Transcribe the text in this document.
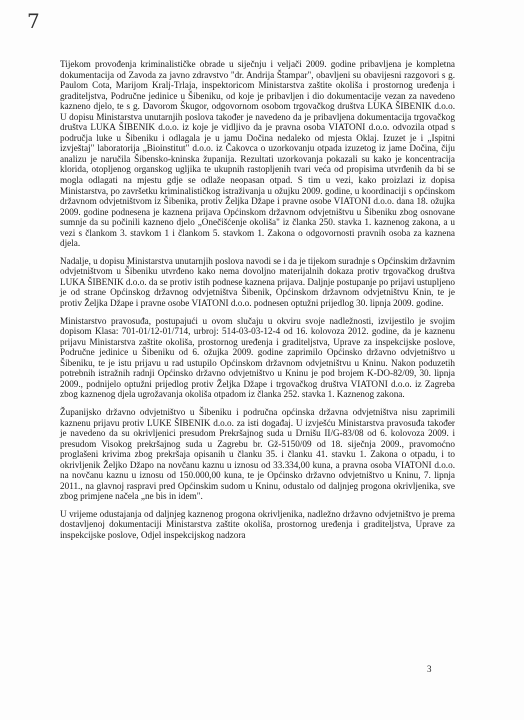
7

Tijekom provođenja kriminalističke obrade u siječnju i veljači 2009. godine pribavljena je kompletna dokumentacija od Zavoda za javno zdravstvo "dr. Andrija Štampar", obavljeni su obavijesni razgovori s g. Paulom Cota, Marijom Kralj-Trlaja, inspektoricom Ministarstva zaštite okoliša i prostornog uređenja i graditeljstva, Područne jedinice u Šibeniku, od koje je pribavljen i dio dokumentacije vezan za navedeno kazneno djelo, te s g. Davorom Škugor, odgovornom osobom trgovačkog društva LUKA ŠIBENIK d.o.o. U dopisu Ministarstva unutarnjih poslova također je navedeno da je pribavljena dokumentacija trgovačkog društva LUKA ŠIBENIK d.o.o. iz koje je vidljivo da je pravna osoba VIATONI d.o.o. odvozila otpad s područja luke u Šibeniku i odlagala je u jamu Dočina nedaleko od mjesta Oklaj. Izuzet je i „Ispitni izvještaj" laboratorija „Bioinstitut" d.o.o. iz Čakovca o uzorkovanju otpada izuzetog iz jame Dočina, čiju analizu je naručila Šibensko-kninska županija. Rezultati uzorkovanja pokazali su kako je koncentracija klorida, otopljenog organskog ugljika te ukupnih rastopljenih tvari veća od propisima utvrđenih da bi se mogla odlagati na mjestu gdje se odlaže neopasan otpad. S tim u vezi, kako proizlazi iz dopisa Ministarstva, po završetku kriminalističkog istraživanja u ožujku 2009. godine, u koordinaciji s općinskom državnom odvjetništvom iz Šibenika, protiv Željka Džape i pravne osobe VIATONI d.o.o. dana 18. ožujka 2009. godine podnesena je kaznena prijava Općinskom državnom odvjetništvu u Šibeniku zbog osnovane sumnje da su počinili kazneno djelo „Onečišćenje okoliša" iz članka 250. stavka 1. kaznenog zakona, a u vezi s člankom 3. stavkom 1 i člankom 5. stavkom 1. Zakona o odgovornosti pravnih osoba za kaznena djela.

Nadalje, u dopisu Ministarstva unutarnjih poslova navodi se i da je tijekom suradnje s Općinskim državnim odvjetništvom u Šibeniku utvrđeno kako nema dovoljno materijalnih dokaza protiv trgovačkog društva LUKA ŠIBENIK d.o.o. da se protiv istih podnese kaznena prijava. Daljnje postupanje po prijavi ustupljeno je od strane Općinskog državnog odvjetništva Šibenik, Općinskom državnom odvjetništvu Knin, te je protiv Željka Džape i pravne osobe VIATONI d.o.o. podnesen optužni prijedlog 30. lipnja 2009. godine.

Ministarstvo pravosuđa, postupajući u ovom slučaju u okviru svoje nadležnosti, izvijestilo je svojim dopisom Klasa: 701-01/12-01/714, urbroj: 514-03-03-12-4 od 16. kolovoza 2012. godine, da je kaznenu prijavu Ministarstva zaštite okoliša, prostornog uređenja i graditeljstva, Uprave za inspekcijske poslove, Područne jedinice u Šibeniku od 6. ožujka 2009. godine zaprimilo Općinsko državno odvjetništvo u Šibeniku, te je istu prijavu u rad ustupilo Općinskom državnom odvjetništvu u Kninu. Nakon poduzetih potrebnih istražnih radnji Općinsko državno odvjetništvo u Kninu je pod brojem K-DO-82/09, 30. lipnja 2009., podnijelo optužni prijedlog protiv Željka Džape i trgovačkog društva VIATONI d.o.o. iz Zagreba zbog kaznenog djela ugrožavanja okoliša otpadom iz članka 252. stavka 1. Kaznenog zakona.

Županijsko državno odvjetništvo u Šibeniku i područna općinska državna odvjetništva nisu zaprimili kaznenu prijavu protiv LUKE ŠIBENIK d.o.o. za isti događaj. U izvješću Ministarstva pravosuđa također je navedeno da su okrivljenici presudom Prekršajnog suda u Drnišu II/G-83/08 od 6. kolovoza 2009. i presudom Visokog prekršajnog suda u Zagrebu br. Gž-5150/09 od 18. siječnja 2009., pravomoćno proglašeni krivima zbog prekršaja opisanih u članku 35. i članku 41. stavku 1. Zakona o otpadu, i to okrivljenik Željko Džapo na novčanu kaznu u iznosu od 33.334,00 kuna, a pravna osoba VIATONI d.o.o. na novčanu kaznu u iznosu od 150.000,00 kuna, te je Općinsko državno odvjetništvo u Kninu, 7. lipnja 2011., na glavnoj raspravi pred Općinskim sudom u Kninu, odustalo od daljnjeg progona okrivljenika, sve zbog primjene načela „ne bis in idem".

U vrijeme odustajanja od daljnjeg kaznenog progona okrivljenika, nadležno državno odvjetništvo je prema dostavljenoj dokumentaciji Ministarstva zaštite okoliša, prostornog uređenja i graditeljstva, Uprave za inspekcijske poslove, Odjel inspekcijskog nadzora

3
